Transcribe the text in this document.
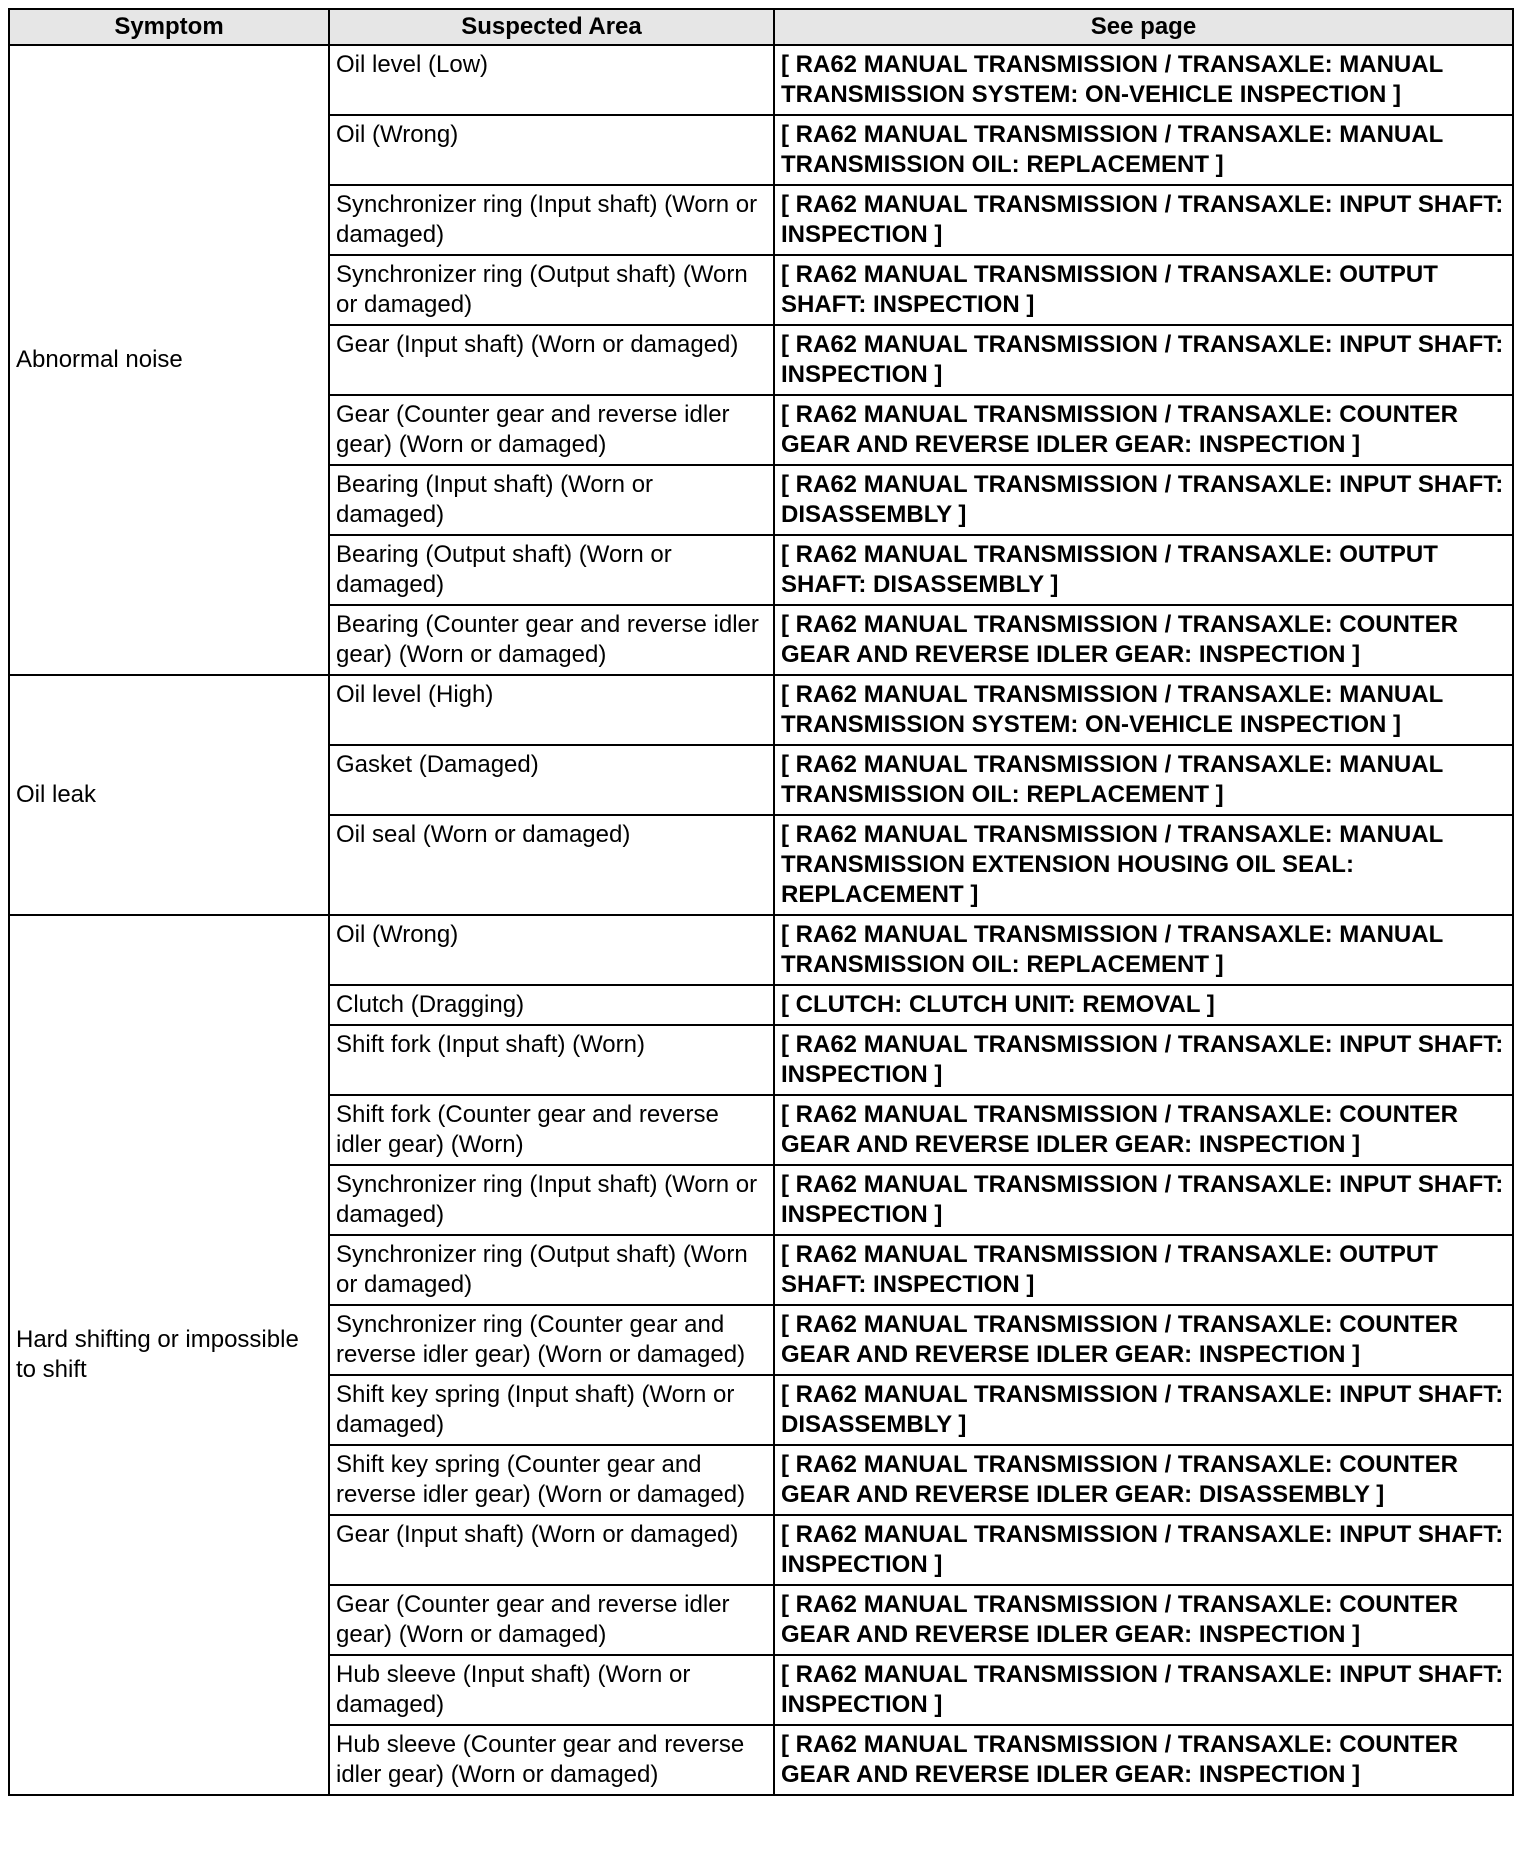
Symptom	Suspected Area	See page
Abnormal noise	Oil level (Low)	[ RA62 MANUAL TRANSMISSION / TRANSAXLE: MANUAL TRANSMISSION SYSTEM: ON-VEHICLE INSPECTION ]
	Oil (Wrong)	[ RA62 MANUAL TRANSMISSION / TRANSAXLE: MANUAL TRANSMISSION OIL: REPLACEMENT ]
	Synchronizer ring (Input shaft) (Worn or damaged)	[ RA62 MANUAL TRANSMISSION / TRANSAXLE: INPUT SHAFT: INSPECTION ]
	Synchronizer ring (Output shaft) (Worn or damaged)	[ RA62 MANUAL TRANSMISSION / TRANSAXLE: OUTPUT SHAFT: INSPECTION ]
	Gear (Input shaft) (Worn or damaged)	[ RA62 MANUAL TRANSMISSION / TRANSAXLE: INPUT SHAFT: INSPECTION ]
	Gear (Counter gear and reverse idler gear) (Worn or damaged)	[ RA62 MANUAL TRANSMISSION / TRANSAXLE: COUNTER GEAR AND REVERSE IDLER GEAR: INSPECTION ]
	Bearing (Input shaft) (Worn or damaged)	[ RA62 MANUAL TRANSMISSION / TRANSAXLE: INPUT SHAFT: DISASSEMBLY ]
	Bearing (Output shaft) (Worn or damaged)	[ RA62 MANUAL TRANSMISSION / TRANSAXLE: OUTPUT SHAFT: DISASSEMBLY ]
	Bearing (Counter gear and reverse idler gear) (Worn or damaged)	[ RA62 MANUAL TRANSMISSION / TRANSAXLE: COUNTER GEAR AND REVERSE IDLER GEAR: INSPECTION ]
Oil leak	Oil level (High)	[ RA62 MANUAL TRANSMISSION / TRANSAXLE: MANUAL TRANSMISSION SYSTEM: ON-VEHICLE INSPECTION ]
	Gasket (Damaged)	[ RA62 MANUAL TRANSMISSION / TRANSAXLE: MANUAL TRANSMISSION OIL: REPLACEMENT ]
	Oil seal (Worn or damaged)	[ RA62 MANUAL TRANSMISSION / TRANSAXLE: MANUAL TRANSMISSION EXTENSION HOUSING OIL SEAL: REPLACEMENT ]
Hard shifting or impossible to shift	Oil (Wrong)	[ RA62 MANUAL TRANSMISSION / TRANSAXLE: MANUAL TRANSMISSION OIL: REPLACEMENT ]
	Clutch (Dragging)	[ CLUTCH: CLUTCH UNIT: REMOVAL ]
	Shift fork (Input shaft) (Worn)	[ RA62 MANUAL TRANSMISSION / TRANSAXLE: INPUT SHAFT: INSPECTION ]
	Shift fork (Counter gear and reverse idler gear) (Worn)	[ RA62 MANUAL TRANSMISSION / TRANSAXLE: COUNTER GEAR AND REVERSE IDLER GEAR: INSPECTION ]
	Synchronizer ring (Input shaft) (Worn or damaged)	[ RA62 MANUAL TRANSMISSION / TRANSAXLE: INPUT SHAFT: INSPECTION ]
	Synchronizer ring (Output shaft) (Worn or damaged)	[ RA62 MANUAL TRANSMISSION / TRANSAXLE: OUTPUT SHAFT: INSPECTION ]
	Synchronizer ring (Counter gear and reverse idler gear) (Worn or damaged)	[ RA62 MANUAL TRANSMISSION / TRANSAXLE: COUNTER GEAR AND REVERSE IDLER GEAR: INSPECTION ]
	Shift key spring (Input shaft) (Worn or damaged)	[ RA62 MANUAL TRANSMISSION / TRANSAXLE: INPUT SHAFT: DISASSEMBLY ]
	Shift key spring (Counter gear and reverse idler gear) (Worn or damaged)	[ RA62 MANUAL TRANSMISSION / TRANSAXLE: COUNTER GEAR AND REVERSE IDLER GEAR: DISASSEMBLY ]
	Gear (Input shaft) (Worn or damaged)	[ RA62 MANUAL TRANSMISSION / TRANSAXLE: INPUT SHAFT: INSPECTION ]
	Gear (Counter gear and reverse idler gear) (Worn or damaged)	[ RA62 MANUAL TRANSMISSION / TRANSAXLE: COUNTER GEAR AND REVERSE IDLER GEAR: INSPECTION ]
	Hub sleeve (Input shaft) (Worn or damaged)	[ RA62 MANUAL TRANSMISSION / TRANSAXLE: INPUT SHAFT: INSPECTION ]
	Hub sleeve (Counter gear and reverse idler gear) (Worn or damaged)	[ RA62 MANUAL TRANSMISSION / TRANSAXLE: COUNTER GEAR AND REVERSE IDLER GEAR: INSPECTION ]
